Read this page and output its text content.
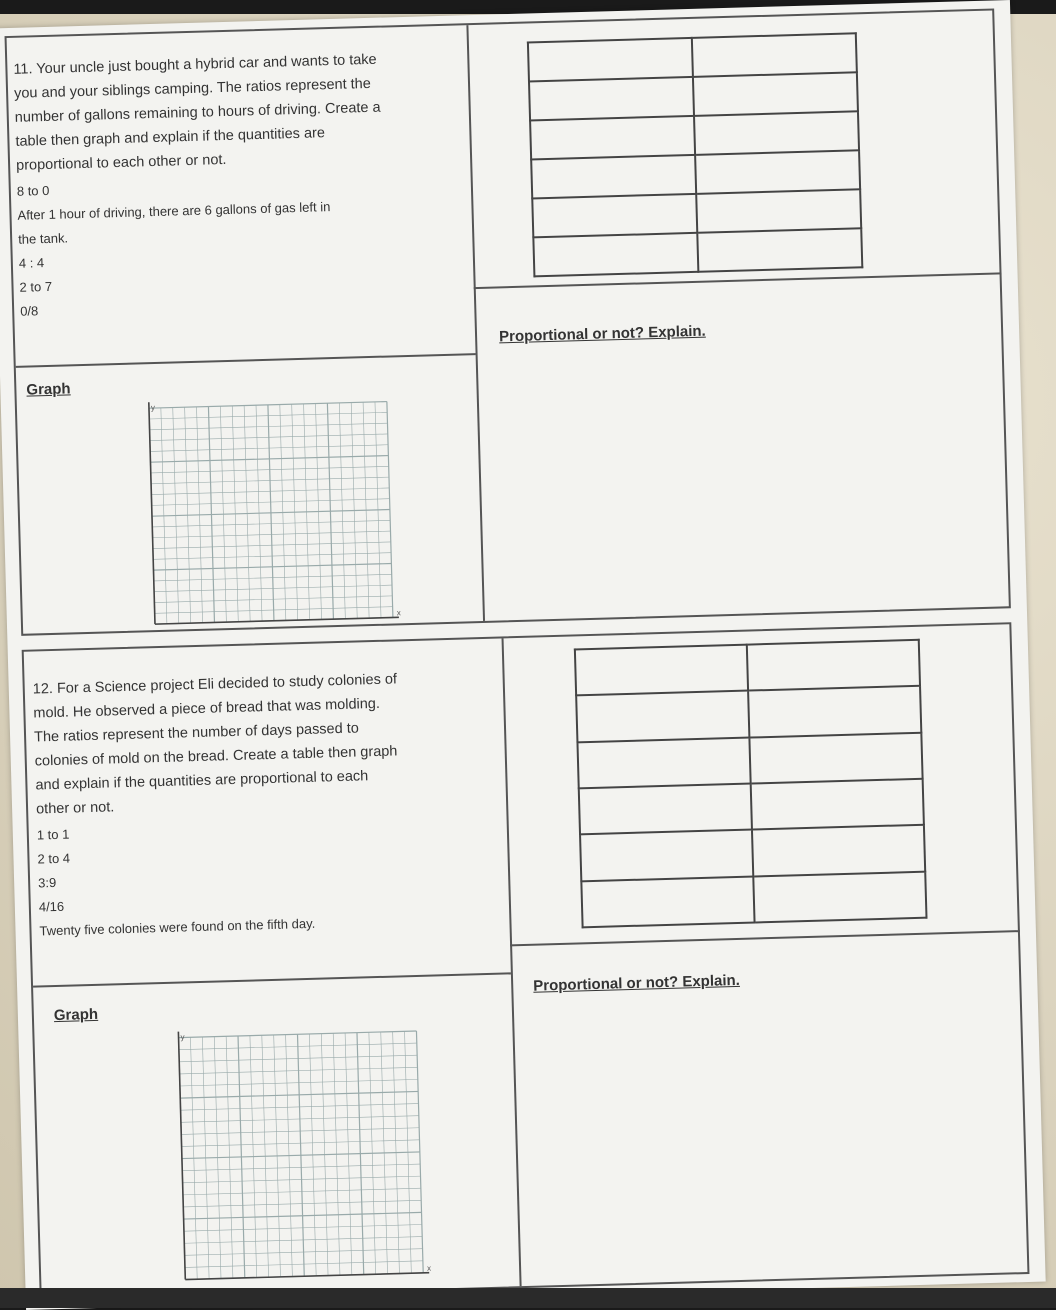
11. Your uncle just bought a hybrid car and wants to take
you and your siblings camping. The ratios represent the
number of gallons remaining to hours of driving. Create a
table then graph and explain if the quantities are
proportional to each other or not.
8 to 0
After 1 hour of driving, there are 6 gallons of gas left in
the tank.
4 : 4
2 to 7
0/8

Graph
Proportional or not? Explain.
y
x
12. For a Science project Eli decided to study colonies of
mold. He observed a piece of bread that was molding.
The ratios represent the number of days passed to
colonies of mold on the bread. Create a table then graph
and explain if the quantities are proportional to each
other or not.
1 to 1
2 to 4
3:9
4/16
Twenty five colonies were found on the fifth day.

Graph
Proportional or not? Explain.
y
x
